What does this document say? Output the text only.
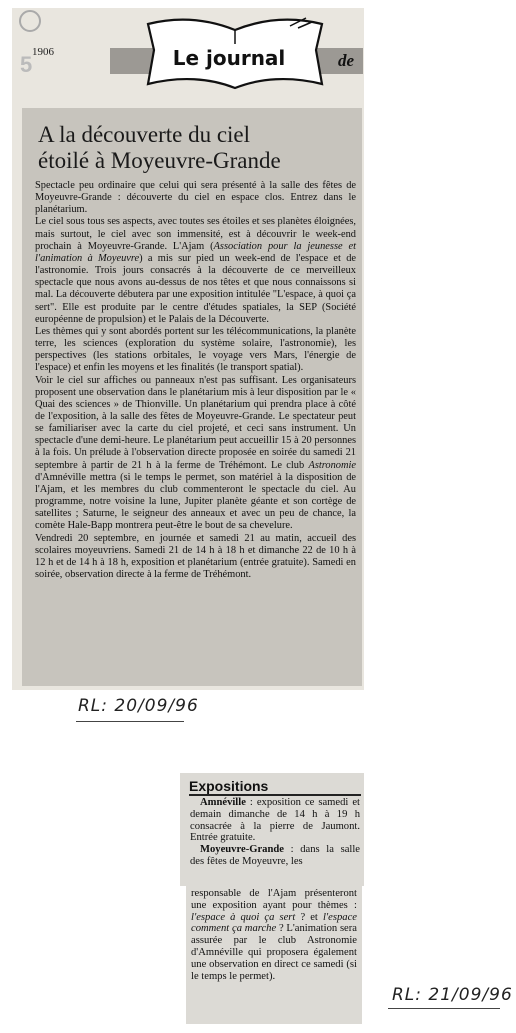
5 1906	Le journal	de
A la découverte du ciel
étoilé à Moyeuvre-Grande

Spectacle peu ordinaire que celui qui sera présenté à la salle des fêtes de Moyeuvre-Grande : découverte du ciel en espace clos. Entrez dans le planétarium.

Le ciel sous tous ses aspects, avec toutes ses étoiles et ses planètes éloignées, mais surtout, le ciel avec son immensité, est à découvrir le week-end prochain à Moyeuvre-Grande. L'Ajam (Association pour la jeunesse et l'animation à Moyeuvre) a mis sur pied un week-end de l'espace et de l'astronomie. Trois jours consacrés à la découverte de ce merveilleux spectacle que nous avons au-dessus de nos têtes et que nous connaissons si mal. La découverte débutera par une exposition intitulée "L'espace, à quoi ça sert". Elle est produite par le centre d'études spatiales, la SEP (Société européenne de propulsion) et le Palais de la Découverte.

Les thèmes qui y sont abordés portent sur les télécommunications, la planète terre, les sciences (exploration du système solaire, l'astronomie), les perspectives (les stations orbitales, le voyage vers Mars, l'énergie de l'espace) et enfin les moyens et les finalités (le transport spatial).

Voir le ciel sur affiches ou panneaux n'est pas suffisant. Les organisateurs proposent une observation dans le planétarium mis à leur disposition par le « Quai des sciences » de Thionville. Un planétarium qui prendra place à côté de l'exposition, à la salle des fêtes de Moyeuvre-Grande. Le spectateur peut se familiariser avec la carte du ciel projeté, et ceci sans instrument. Un spectacle d'une demi-heure. Le planétarium peut accueillir 15 à 20 personnes à la fois. Un prélude à l'observation directe proposée en soirée du samedi 21 septembre à partir de 21 h à la ferme de Tréhémont. Le club Astronomie d'Amnéville mettra (si le temps le permet, son matériel à la disposition de l'Ajam, et les membres du club commenteront le spectacle du ciel. Au programme, notre voisine la lune, Jupiter planète géante et son cortège de satellites ; Saturne, le seigneur des anneaux et avec un peu de chance, la comète Hale-Bapp montrera peut-être le bout de sa chevelure.

Vendredi 20 septembre, en journée et samedi 21 au matin, accueil des scolaires moyeuvriens. Samedi 21 de 14 h à 18 h et dimanche 22 de 10 h à 12 h et de 14 h à 18 h, exposition et planétarium (entrée gratuite). Samedi en soirée, observation directe à la ferme de Tréhémont.

RL: 20/09/96
Expositions

Amnéville : exposition ce samedi et demain dimanche de 14 h à 19 h consacrée à la pierre de Jaumont. Entrée gratuite.

Moyeuvre-Grande : dans la salle des fêtes de Moyeuvre, les

responsable de l'Ajam présenteront une exposition ayant pour thèmes : l'espace à quoi ça sert ? et l'espace comment ça marche ? L'animation sera assurée par le club Astronomie d'Amnéville qui proposera également une observation en direct ce samedi (si le temps le permet).

RL: 21/09/96
